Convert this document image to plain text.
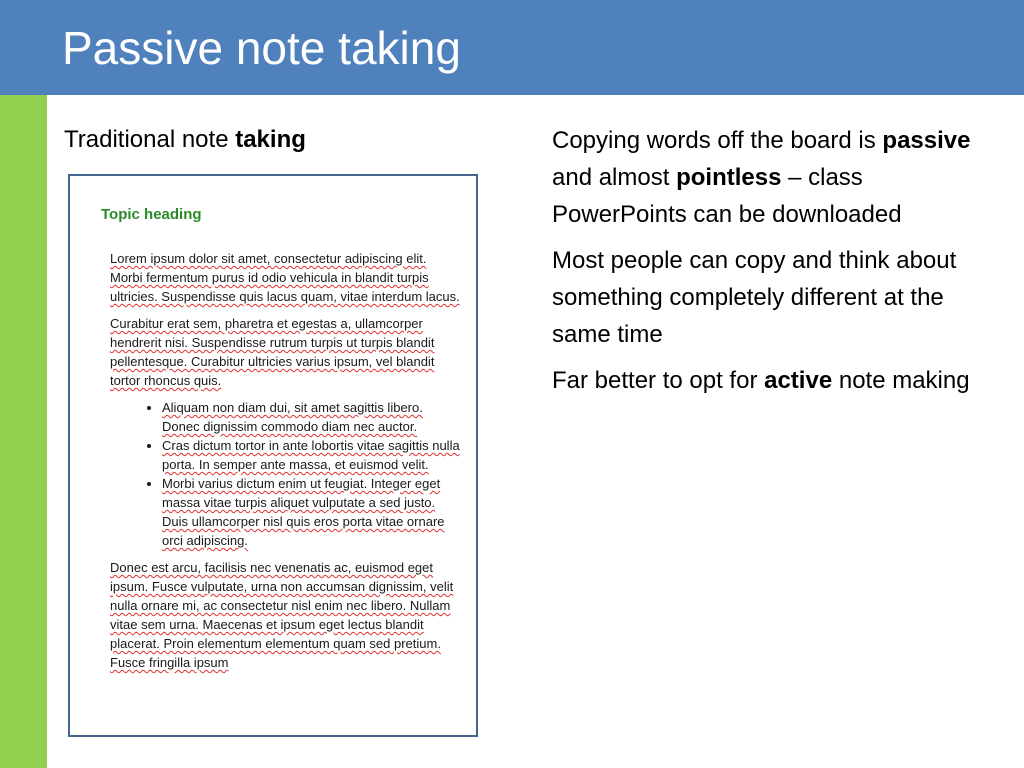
Passive note taking
Traditional note taking
Topic heading

Lorem ipsum dolor sit amet, consectetur adipiscing elit. Morbi fermentum purus id odio vehicula in blandit turpis ultricies. Suspendisse quis lacus quam, vitae interdum lacus.

Curabitur erat sem, pharetra et egestas a, ullamcorper hendrerit nisi. Suspendisse rutrum turpis ut turpis blandit pellentesque. Curabitur ultricies varius ipsum, vel blandit tortor rhoncus quis.

• Aliquam non diam dui, sit amet sagittis libero. Donec dignissim commodo diam nec auctor.
• Cras dictum tortor in ante lobortis vitae sagittis nulla porta. In semper ante massa, et euismod velit.
• Morbi varius dictum enim ut feugiat. Integer eget massa vitae turpis aliquet vulputate a sed justo. Duis ullamcorper nisl quis eros porta vitae ornare orci adipiscing.

Donec est arcu, facilisis nec venenatis ac, euismod eget ipsum. Fusce vulputate, urna non accumsan dignissim, velit nulla ornare mi, ac consectetur nisl enim nec libero. Nullam vitae sem urna. Maecenas et ipsum eget lectus blandit placerat. Proin elementum elementum quam sed pretium. Fusce fringilla ipsum

Copying words off the board is passive and almost pointless – class PowerPoints can be downloaded

Most people can copy and think about something completely different at the same time

Far better to opt for active note making
